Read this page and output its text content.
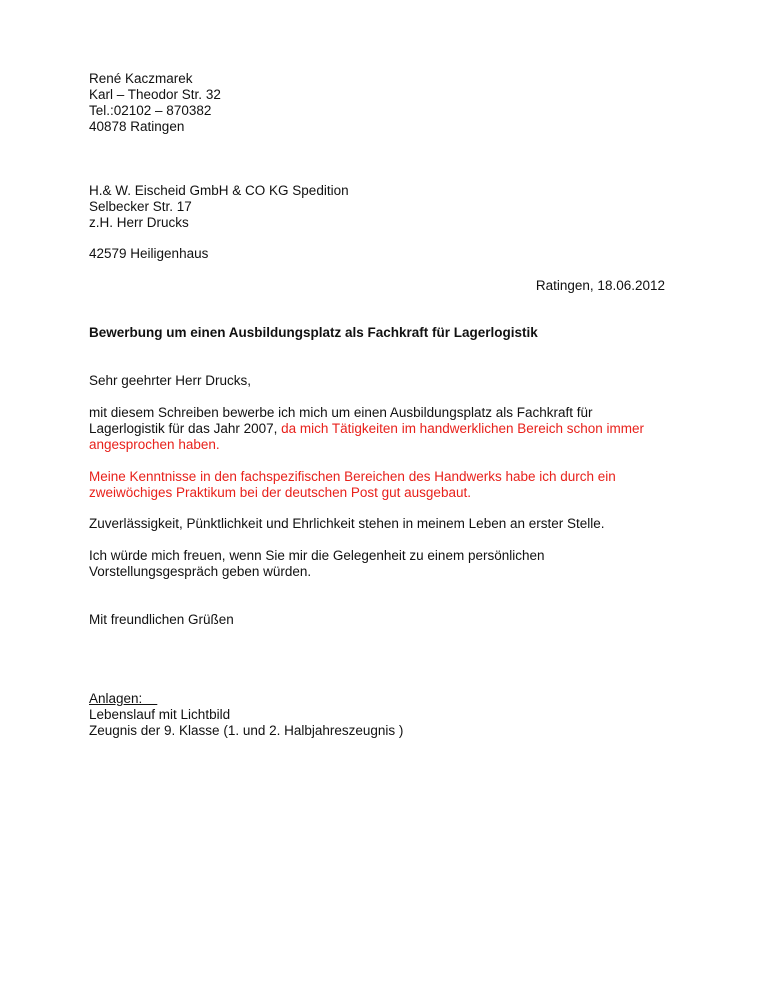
René Kaczmarek
Karl – Theodor Str. 32
Tel.:02102 – 870382
40878 Ratingen
H.& W. Eischeid GmbH & CO KG Spedition
Selbecker Str. 17
z.H. Herr Drucks
42579 Heiligenhaus
Ratingen, 18.06.2012
Bewerbung um einen Ausbildungsplatz als Fachkraft für Lagerlogistik
Sehr geehrter Herr Drucks,
mit diesem Schreiben bewerbe ich mich um einen Ausbildungsplatz als Fachkraft für
Lagerlogistik für das Jahr 2007, da mich Tätigkeiten im handwerklichen Bereich schon immer
angesprochen haben.
Meine Kenntnisse in den fachspezifischen Bereichen des Handwerks habe ich durch ein
zweiwöchiges Praktikum bei der deutschen Post gut ausgebaut.
Zuverlässigkeit, Pünktlichkeit und Ehrlichkeit stehen in meinem Leben an erster Stelle.
Ich würde mich freuen, wenn Sie mir die Gelegenheit zu einem persönlichen
Vorstellungsgespräch geben würden.
Mit freundlichen Grüßen
Anlagen:
Lebenslauf mit Lichtbild
Zeugnis der 9. Klasse (1. und 2. Halbjahreszeugnis )
